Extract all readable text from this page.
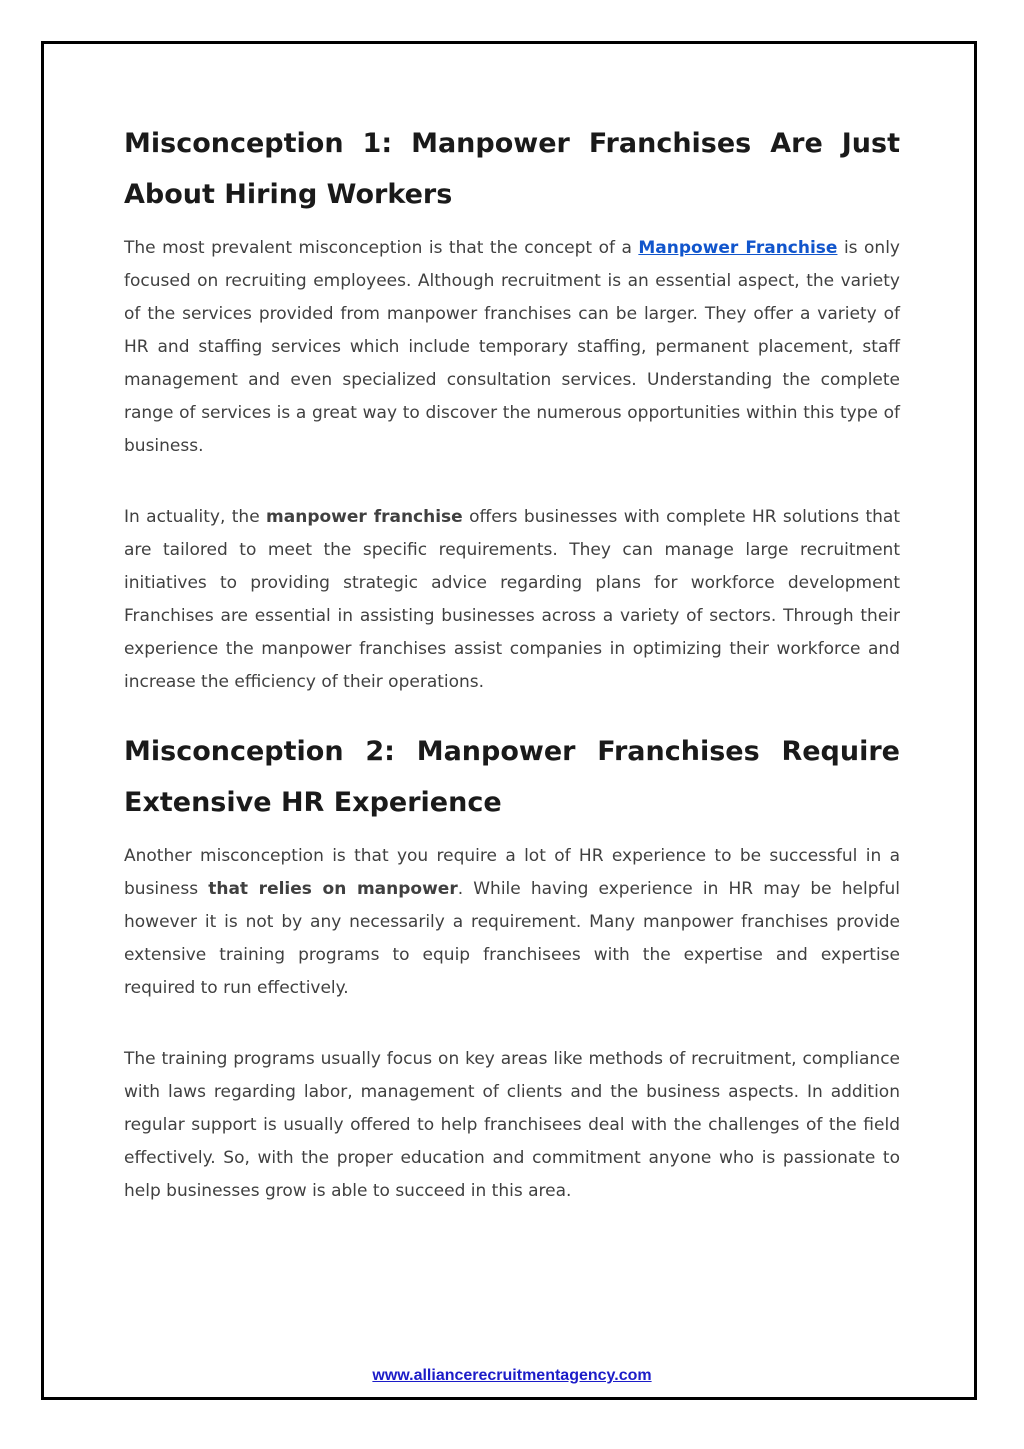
Misconception 1: Manpower Franchises Are Just About Hiring Workers

The most prevalent misconception is that the concept of a Manpower Franchise is only focused on recruiting employees. Although recruitment is an essential aspect, the variety of the services provided from manpower franchises can be larger. They offer a variety of HR and staffing services which include temporary staffing, permanent placement, staff management and even specialized consultation services. Understanding the complete range of services is a great way to discover the numerous opportunities within this type of business.

In actuality, the manpower franchise offers businesses with complete HR solutions that are tailored to meet the specific requirements. They can manage large recruitment initiatives to providing strategic advice regarding plans for workforce development Franchises are essential in assisting businesses across a variety of sectors. Through their experience the manpower franchises assist companies in optimizing their workforce and increase the efficiency of their operations.

Misconception 2: Manpower Franchises Require Extensive HR Experience

Another misconception is that you require a lot of HR experience to be successful in a business that relies on manpower. While having experience in HR may be helpful however it is not by any necessarily a requirement. Many manpower franchises provide extensive training programs to equip franchisees with the expertise and expertise required to run effectively.

The training programs usually focus on key areas like methods of recruitment, compliance with laws regarding labor, management of clients and the business aspects. In addition regular support is usually offered to help franchisees deal with the challenges of the field effectively. So, with the proper education and commitment anyone who is passionate to help businesses grow is able to succeed in this area.

www.alliancerecruitmentagency.com
